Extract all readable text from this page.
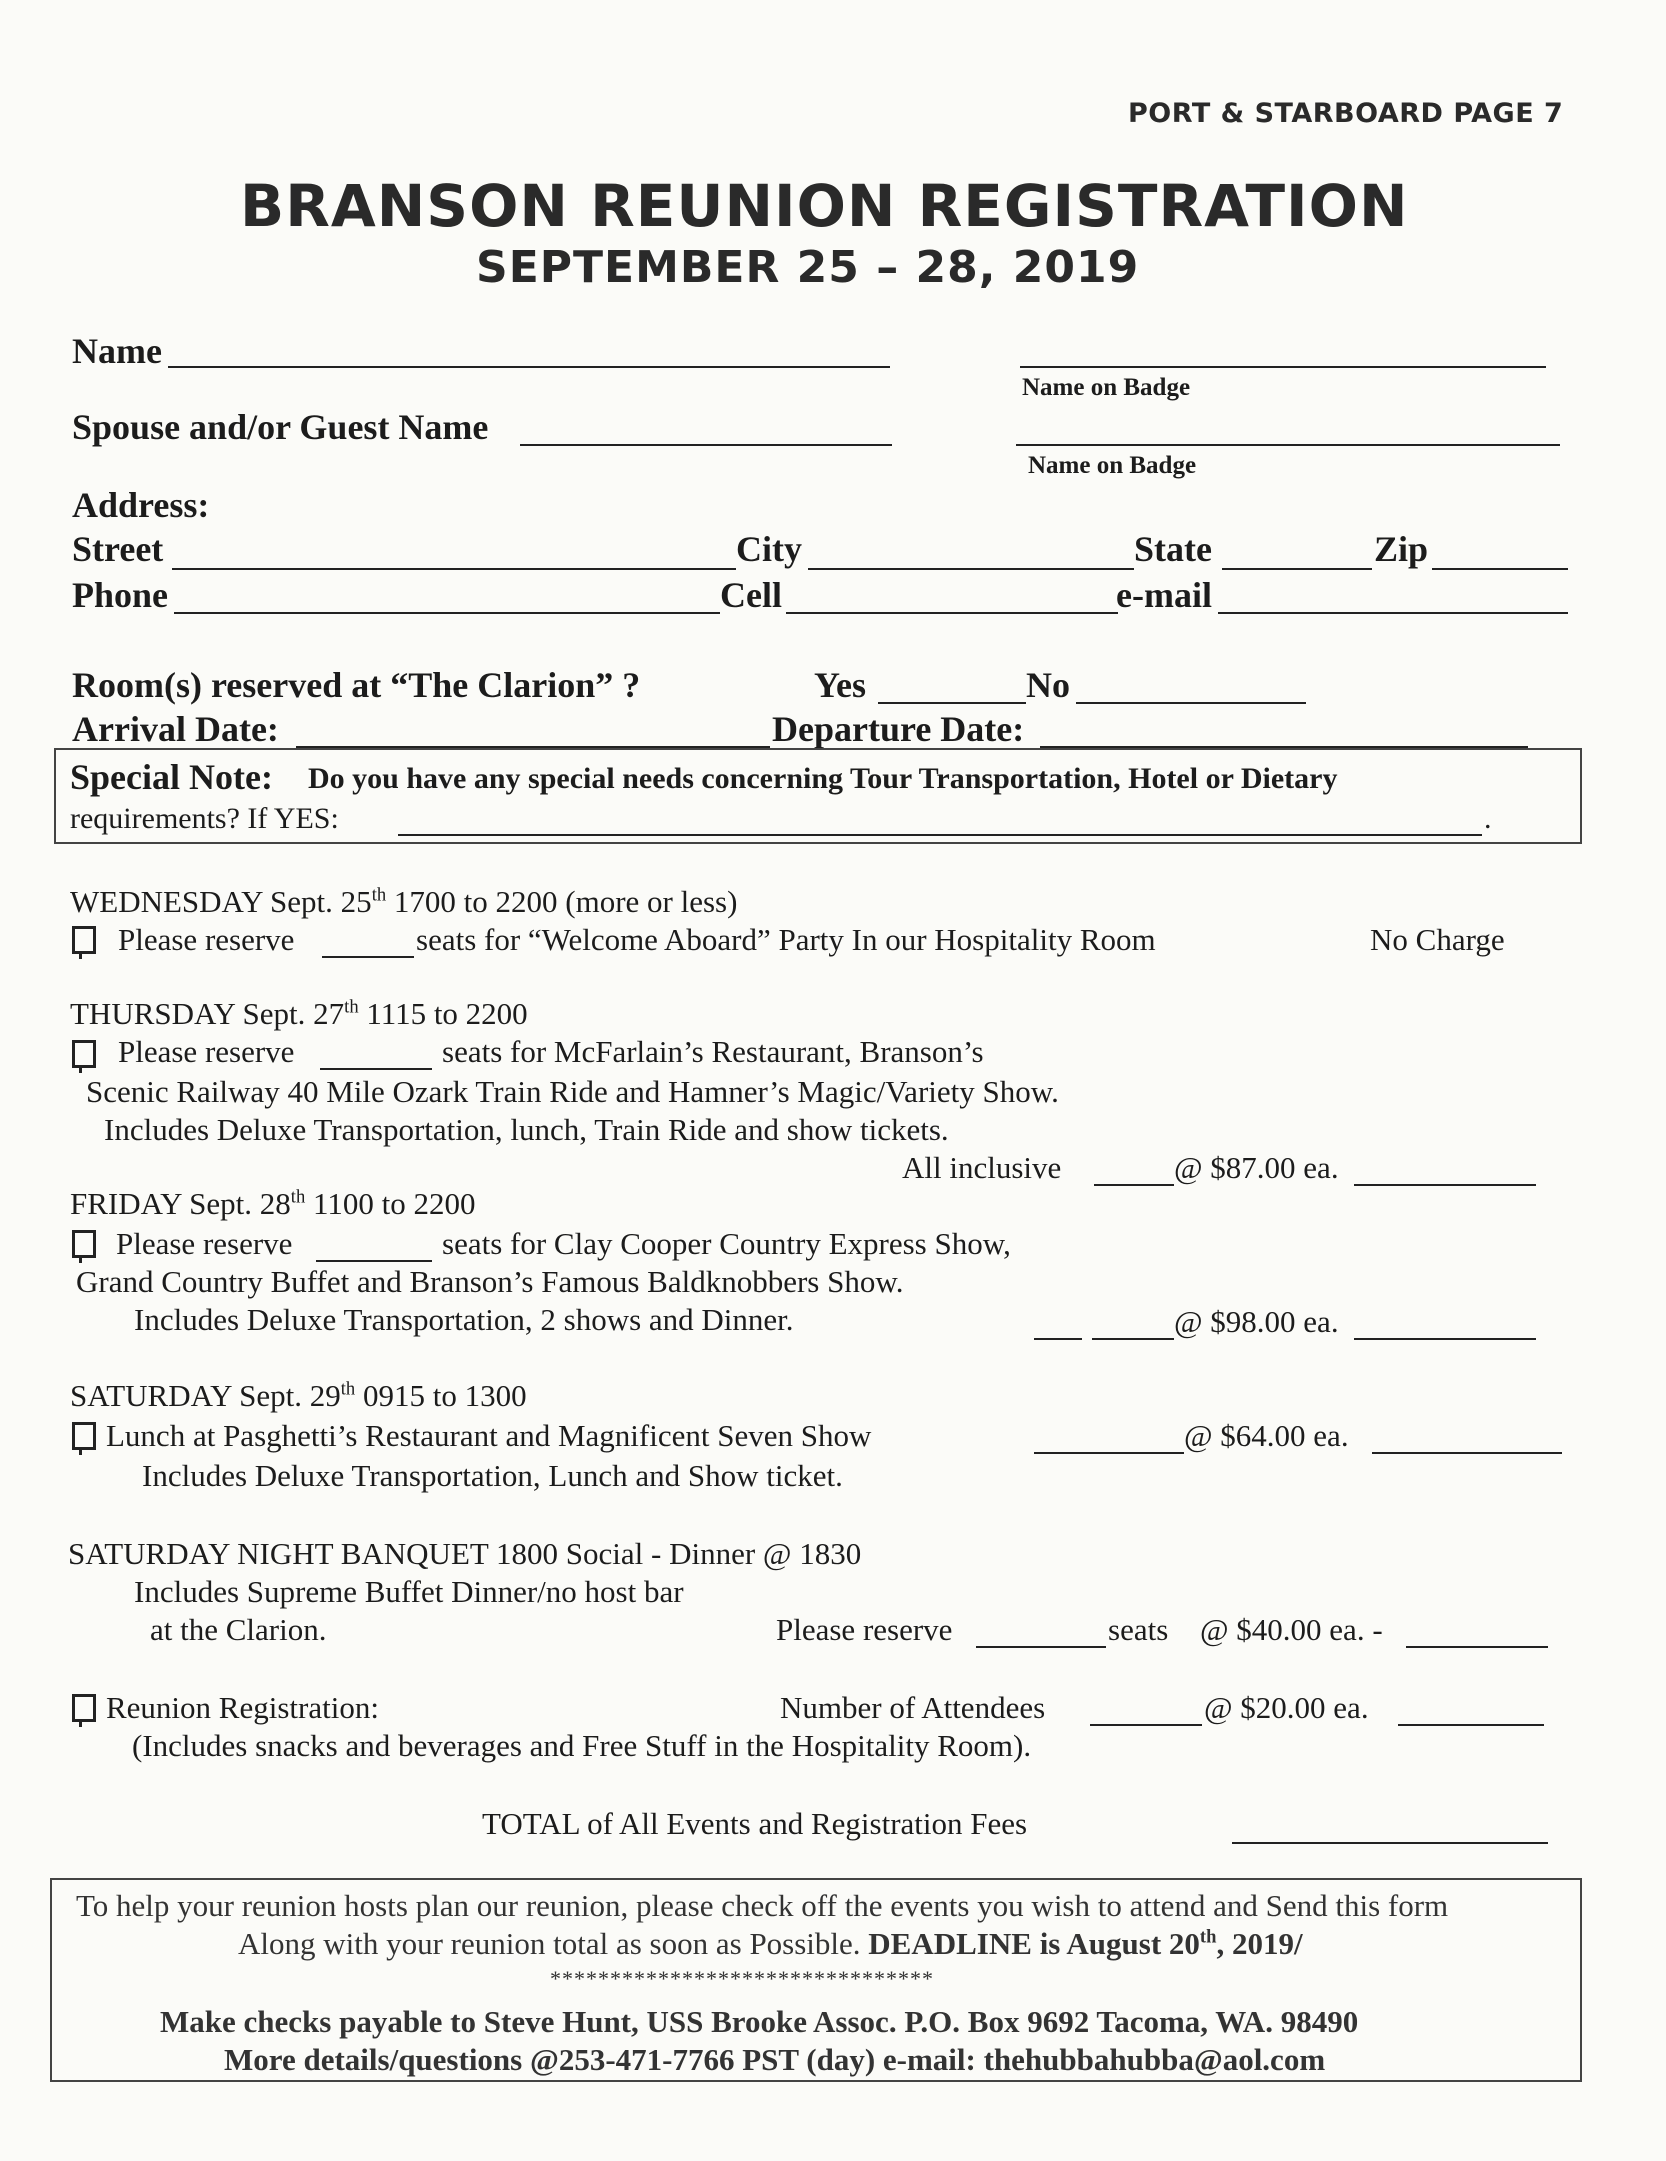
PORT & STARBOARD PAGE 7
BRANSON REUNION REGISTRATION
SEPTEMBER 25 – 28, 2019
Name
Name on Badge
Spouse and/or Guest Name
Name on Badge
Address:
Street	City	State	Zip
Phone	Cell	e-mail
Room(s) reserved at “The Clarion” ?	Yes	No
Arrival Date:	Departure Date:
Special Note: Do you have any special needs concerning Tour Transportation, Hotel or Dietary
requirements? If YES:	.
WEDNESDAY Sept. 25th 1700 to 2200 (more or less)
Please reserve	seats for “Welcome Aboard” Party In our Hospitality Room	No Charge
THURSDAY Sept. 27th 1115 to 2200
Please reserve	seats for McFarlain’s Restaurant, Branson’s
Scenic Railway 40 Mile Ozark Train Ride and Hamner’s Magic/Variety Show.
Includes Deluxe Transportation, lunch, Train Ride and show tickets.
All inclusive	@ $87.00 ea.
FRIDAY Sept. 28th 1100 to 2200
Please reserve	seats for Clay Cooper Country Express Show,
Grand Country Buffet and Branson’s Famous Baldknobbers Show.
Includes Deluxe Transportation, 2 shows and Dinner.	@ $98.00 ea.
SATURDAY Sept. 29th 0915 to 1300
Lunch at Pasghetti’s Restaurant and Magnificent Seven Show	@ $64.00 ea.
Includes Deluxe Transportation, Lunch and Show ticket.
SATURDAY NIGHT BANQUET 1800 Social - Dinner @ 1830
Includes Supreme Buffet Dinner/no host bar
at the Clarion.	Please reserve	seats @ $40.00 ea. -
Reunion Registration:	Number of Attendees	@ $20.00 ea.
(Includes snacks and beverages and Free Stuff in the Hospitality Room).
TOTAL of All Events and Registration Fees
To help your reunion hosts plan our reunion, please check off the events you wish to attend and Send this form
Along with your reunion total as soon as Possible. DEADLINE is August 20th, 2019/
********************************
Make checks payable to Steve Hunt, USS Brooke Assoc. P.O. Box 9692 Tacoma, WA. 98490
More details/questions @253-471-7766 PST (day) e-mail: thehubbahubba@aol.com
